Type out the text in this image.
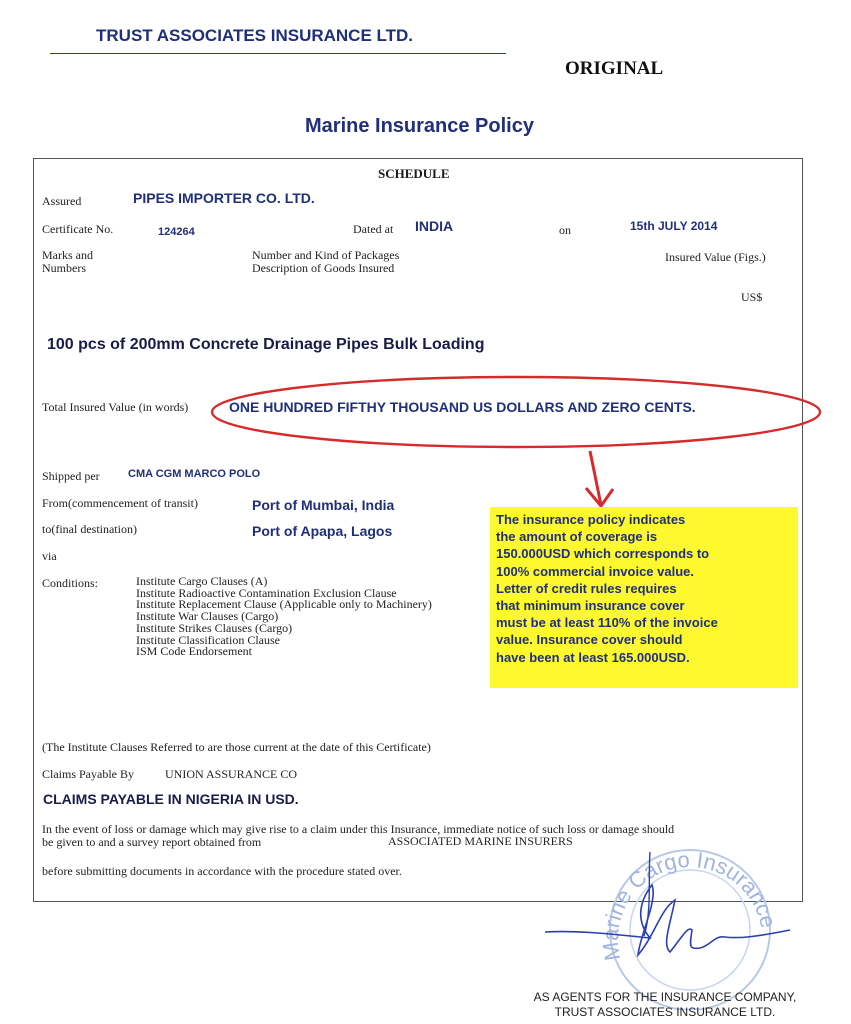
TRUST ASSOCIATES INSURANCE LTD.
ORIGINAL
Marine Insurance Policy
SCHEDULE
Assured	PIPES IMPORTER CO. LTD.
Certificate No.	124264	Dated at INDIA	on	15th JULY 2014
Marks and
Numbers
Number and Kind of Packages
Description of Goods Insured
Insured Value (Figs.)
US$
100 pcs of 200mm Concrete Drainage Pipes Bulk Loading
Total Insured Value (in words)	ONE HUNDRED FIFTHY THOUSAND US DOLLARS AND ZERO CENTS.
Shipped per	CMA CGM MARCO POLO
From(commencement of transit)	Port of Mumbai, India
to(final destination)	Port of Apapa, Lagos
via
The insurance policy indicates
the amount of coverage is
150.000USD which corresponds to
100% commercial invoice value.
Letter of credit rules requires
that minimum insurance cover
must be at least 110% of the invoice
value. Insurance cover should
have been at least 165.000USD.
Conditions:	Institute Cargo Clauses (A)
Institute Radioactive Contamination Exclusion Clause
Institute Replacement Clause (Applicable only to Machinery)
Institute War Clauses (Cargo)
Institute Strikes Clauses (Cargo)
Institute Classification Clause
ISM Code Endorsement
(The Institute Clauses Referred to are those current at the date of this Certificate)
Claims Payable By	UNION ASSURANCE CO
CLAIMS PAYABLE IN NIGERIA IN USD.
In the event of loss or damage which may give rise to a claim under this Insurance, immediate notice of such loss or damage should
be given to and a survey report obtained from	ASSOCIATED MARINE INSURERS
before submitting documents in accordance with the procedure stated over.
Marine Cargo Insurance
AS AGENTS FOR THE INSURANCE COMPANY,
TRUST ASSOCIATES INSURANCE LTD.
